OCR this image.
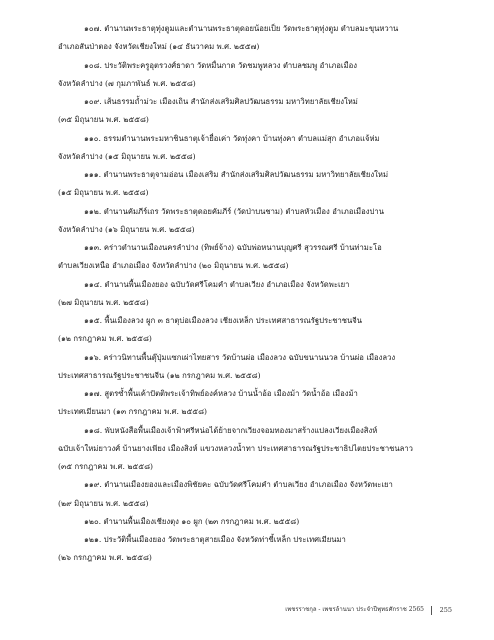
๑๐๗. ตำนานพระธาตุทุ่งตูมและตำนานพระธาตุดอยน้อยเป็ย วัดพระธาตุทุ่งตูม ตำบลมะขุนหวาน
อำเภอสันป่าตอง จังหวัดเชียงใหม่ (๑๔ ธันวาคม พ.ศ. ๒๕๕๗)
๑๐๘. ประวัติพระครูอุตรวงศ์ธาดา วัดหมื่นกาด วัดชมพูหลวง ตำบลชมพู อำเภอเมือง
จังหวัดลำปาง (๗ กุมภาพันธ์ พ.ศ. ๒๕๕๘)
๑๐๙. เส้นธรรมถ้ำม่วะ เมืองเถิน สำนักส่งเสริมศิลปวัฒนธรรม มหาวิทยาลัยเชียงใหม่
(๓๕ มิถุนายน พ.ศ. ๒๕๕๘)
๑๑๐. ธรรมตำนานพระมหาชินธาตุเจ้ายื่อเค่า วัดทุ่งคา บ้านทุ่งคา ตำบลแม่สุก อำเภอแจ้ห่ม
จังหวัดลำปาง (๑๕ มิถุนายน พ.ศ. ๒๕๕๘)
๑๑๑. ตำนานพระธาตุจามอ่อน เมืองเสริม สำนักส่งเสริมศิลปวัฒนธรรม มหาวิทยาลัยเชียงใหม่
(๑๕ มิถุนายน พ.ศ. ๒๕๕๘)
๑๑๒. ตำนานคัมภีร์เถร วัดพระธาตุดอยคัมภีร์ (วัดป่าบนชาม) ตำบลหัวเมือง อำเภอเมืองปาน
จังหวัดลำปาง (๑๖ มิถุนายน พ.ศ. ๒๕๕๘)
๑๑๓. คร่าวตำนานเมืองนครลำปาง (ทิพย์จ้าง) ฉบับพ่อหนานบุญศรี สุวรรณศรี บ้านท่ามะโอ
ตำบลเวียงเหนือ อำเภอเมือง จังหวัดลำปาง (๒๐ มิถุนายน พ.ศ. ๒๕๕๘)
๑๑๔. ตำนานพื้นเมืองยอง ฉบับวัดศรีโคมคำ ตำบลเวียง อำเภอเมือง จังหวัดพะเยา
(๒๗ มิถุนายน พ.ศ. ๒๕๕๘)
๑๑๕. พื้นเมืองลวง ผูก ๓ ธาตุบ่อเมืองลวง เชียงเหล็ก ประเทศสาธารณรัฐประชาชนจีน
(๑๒ กรกฎาคม พ.ศ. ๒๕๕๘)
๑๑๖. คร่าวนิทานพื้นตุ๊ปุ่มแซกเผ่าไทยสาร วัดบ้านผ่อ เมืองลวง ฉบับขนานนวล บ้านผ่อ เมืองลวง
ประเทศสาธารณรัฐประชาชนจีน (๑๒ กรกฎาคม พ.ศ. ๒๕๕๘)
๑๑๗. สูตรซ้ำพื้นเค้าปัตติพระเจ้าทิพย์องค์หลวง บ้านน้ำอ้อ เมืองม้า วัดน้ำอ้อ เมืองม้า
ประเทศเมียนมา (๑๓ กรกฎาคม พ.ศ. ๒๕๕๘)
๑๑๘. พับหนังสือพื้นเมืองเจ้าฟ้าศรีหน่อได้ย้ายจากเวียงจอมทองมาสร้างแปลงเวียงเมืองสิงห์
ฉบับเจ้าใหม่ยาวงศ์ บ้านยางเพียง เมืองสิงห์ แขวงหลวงน้ำทา ประเทศสาธารณรัฐประชาธิปไตยประชาชนลาว
(๓๕ กรกฎาคม พ.ศ. ๒๕๕๘)
๑๑๙. ตำนานเมืองยองและเมืองพิชัยคะ ฉบับวัดศรีโคมคำ ตำบลเวียง อำเภอเมือง จังหวัดพะเยา
(๒๙ มิถุนายน พ.ศ. ๒๕๕๘)
๑๒๐. ตำนานพื้นเมืองเชียงตุง ๑๐ ผูก (๒๓ กรกฎาคม พ.ศ. ๒๕๕๘)
๑๒๑. ประวัติพื้นเมืองยอง วัดพระธาตุสายเมือง จังหวัดท่าขี้เหล็ก ประเทศเมียนมา
(๒๖ กรกฎาคม พ.ศ. ๒๕๕๘)
เพชรราชกุล - เพชรล้านนา ประจำปีพุทธศักราช 2565 255
